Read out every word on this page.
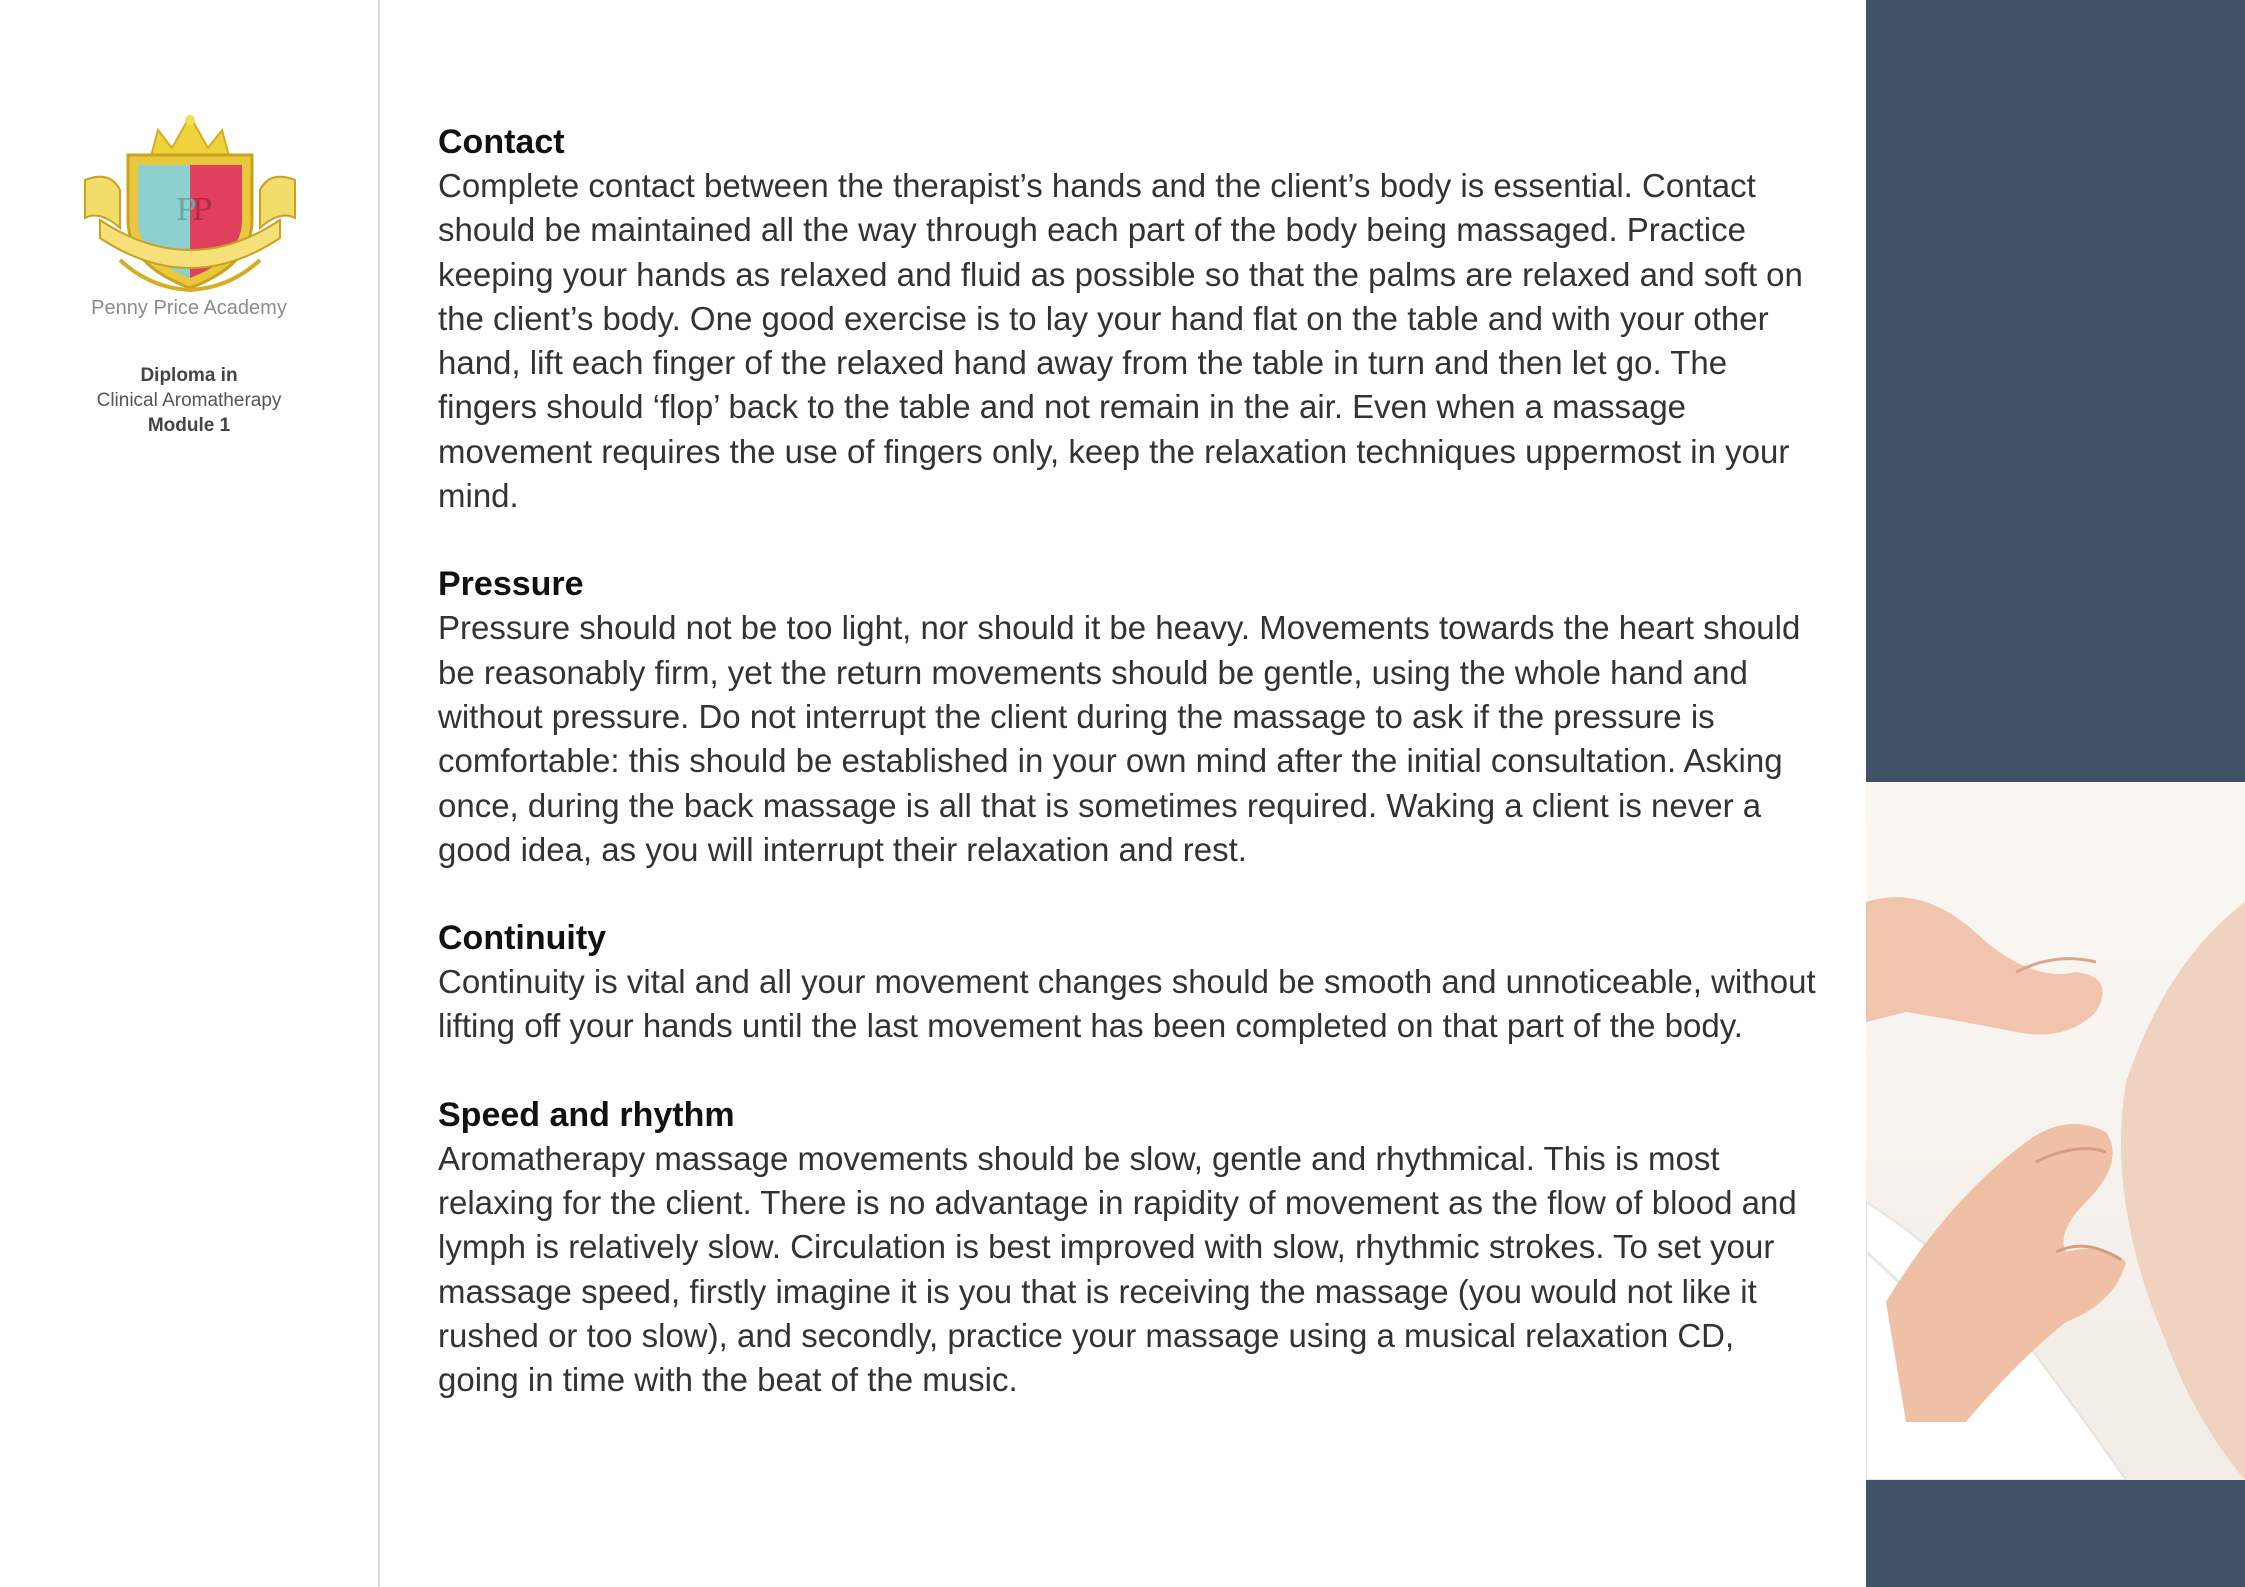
P
P
Penny Price Academy
Diploma in
Clinical Aromatherapy
Module 1
Contact

Complete contact between the therapist’s hands and the client’s body is essential. Contact should be maintained all the way through each part of the body being massaged. Practice keeping your hands as relaxed and fluid as possible so that the palms are relaxed and soft on the client’s body. One good exercise is to lay your hand flat on the table and with your other hand, lift each finger of the relaxed hand away from the table in turn and then let go. The fingers should ‘flop’ back to the table and not remain in the air. Even when a massage movement requires the use of fingers only, keep the relaxation techniques uppermost in your mind.

Pressure

Pressure should not be too light, nor should it be heavy. Movements towards the heart should be reasonably firm, yet the return movements should be gentle, using the whole hand and without pressure. Do not interrupt the client during the massage to ask if the pressure is comfortable: this should be established in your own mind after the initial consultation. Asking once, during the back massage is all that is sometimes required. Waking a client is never a good idea, as you will interrupt their relaxation and rest.

Continuity

Continuity is vital and all your movement changes should be smooth and unnoticeable, without lifting off your hands until the last movement has been completed on that part of the body.

Speed and rhythm

Aromatherapy massage movements should be slow, gentle and rhythmical. This is most relaxing for the client. There is no advantage in rapidity of movement as the flow of blood and lymph is relatively slow. Circulation is best improved with slow, rhythmic strokes. To set your massage speed, firstly imagine it is you that is receiving the massage (you would not like it rushed or too slow), and secondly, practice your massage using a musical relaxation CD, going in time with the beat of the music.
